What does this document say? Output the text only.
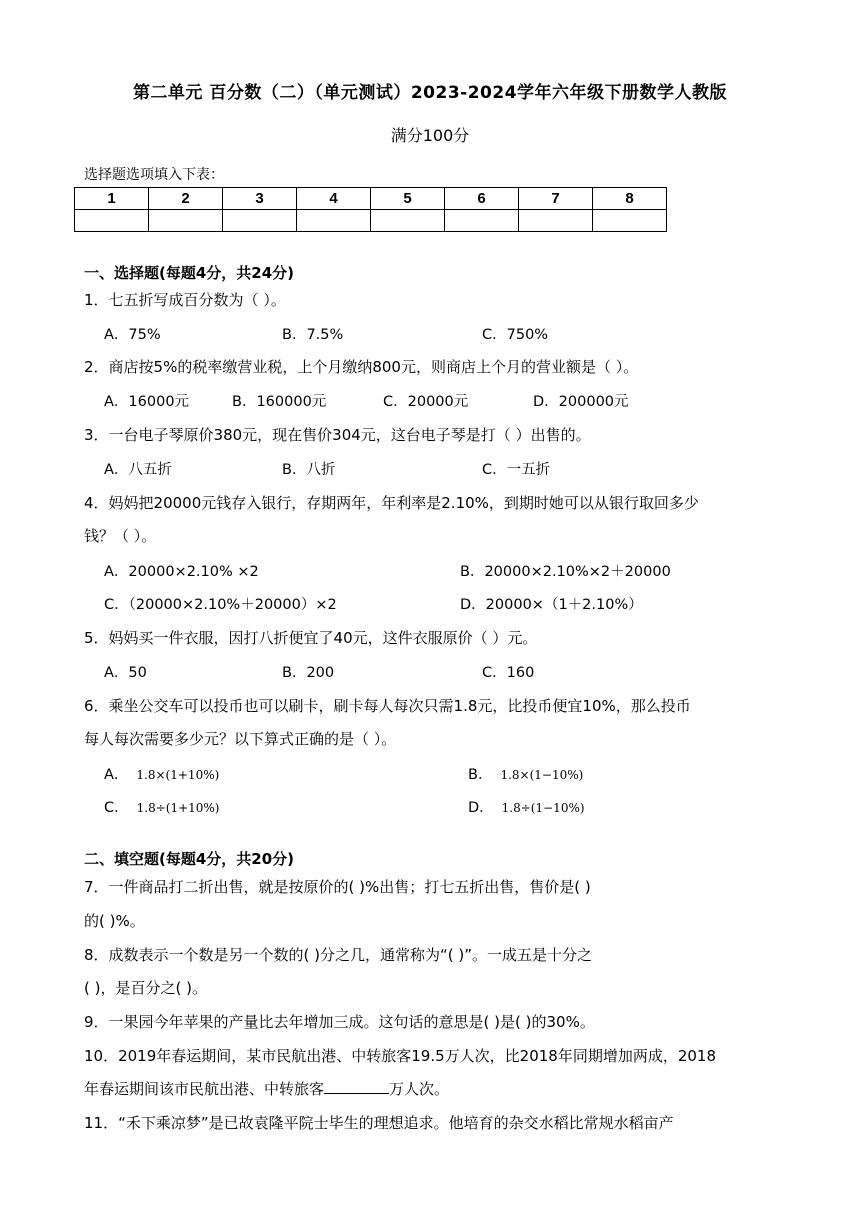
第二单元 百分数（二）（单元测试）2023-2024学年六年级下册数学人教版
满分100分
选择题选项填入下表：
1	2	3	4	5	6	7	8

一、选择题(每题4分，共24分)
1．七五折写成百分数为（ ）。
A．75%	B．7.5%	C．750%
2．商店按5%的税率缴营业税，上个月缴纳800元，则商店上个月的营业额是（ ）。
A．16000元	B．160000元	C．20000元	D．200000元
3．一台电子琴原价380元，现在售价304元，这台电子琴是打（ ）出售的。
A．八五折	B．八折	C．一五折
4．妈妈把20000元钱存入银行，存期两年，年利率是2.10%，到期时她可以从银行取回多少
钱？（ ）。
A．20000×2.10% ×2	B．20000×2.10%×2＋20000
C．（20000×2.10%＋20000）×2	D．20000×（1＋2.10%）
5．妈妈买一件衣服，因打八折便宜了40元，这件衣服原价（ ）元。
A．50	B．200	C．160
6．乘坐公交车可以投币也可以刷卡，刷卡每人每次只需1.8元，比投币便宜10%，那么投币
每人每次需要多少元？以下算式正确的是（ ）。
A． 1.8×(1+10%)	B． 1.8×(1−10%)
C． 1.8÷(1+10%)	D． 1.8÷(1−10%)
二、填空题(每题4分，共20分)
7．一件商品打二折出售，就是按原价的( )%出售；打七五折出售，售价是( )
的( )%。
8．成数表示一个数是另一个数的( )分之几，通常称为“( )”。一成五是十分之
( )，是百分之( )。
9．一果园今年苹果的产量比去年增加三成。这句话的意思是( )是( )的30%。
10．2019年春运期间，某市民航出港、中转旅客19.5万人次，比2018年同期增加两成，2018
年春运期间该市民航出港、中转旅客	万人次。
11．“禾下乘凉梦”是已故袁隆平院士毕生的理想追求。他培育的杂交水稻比常规水稻亩产
